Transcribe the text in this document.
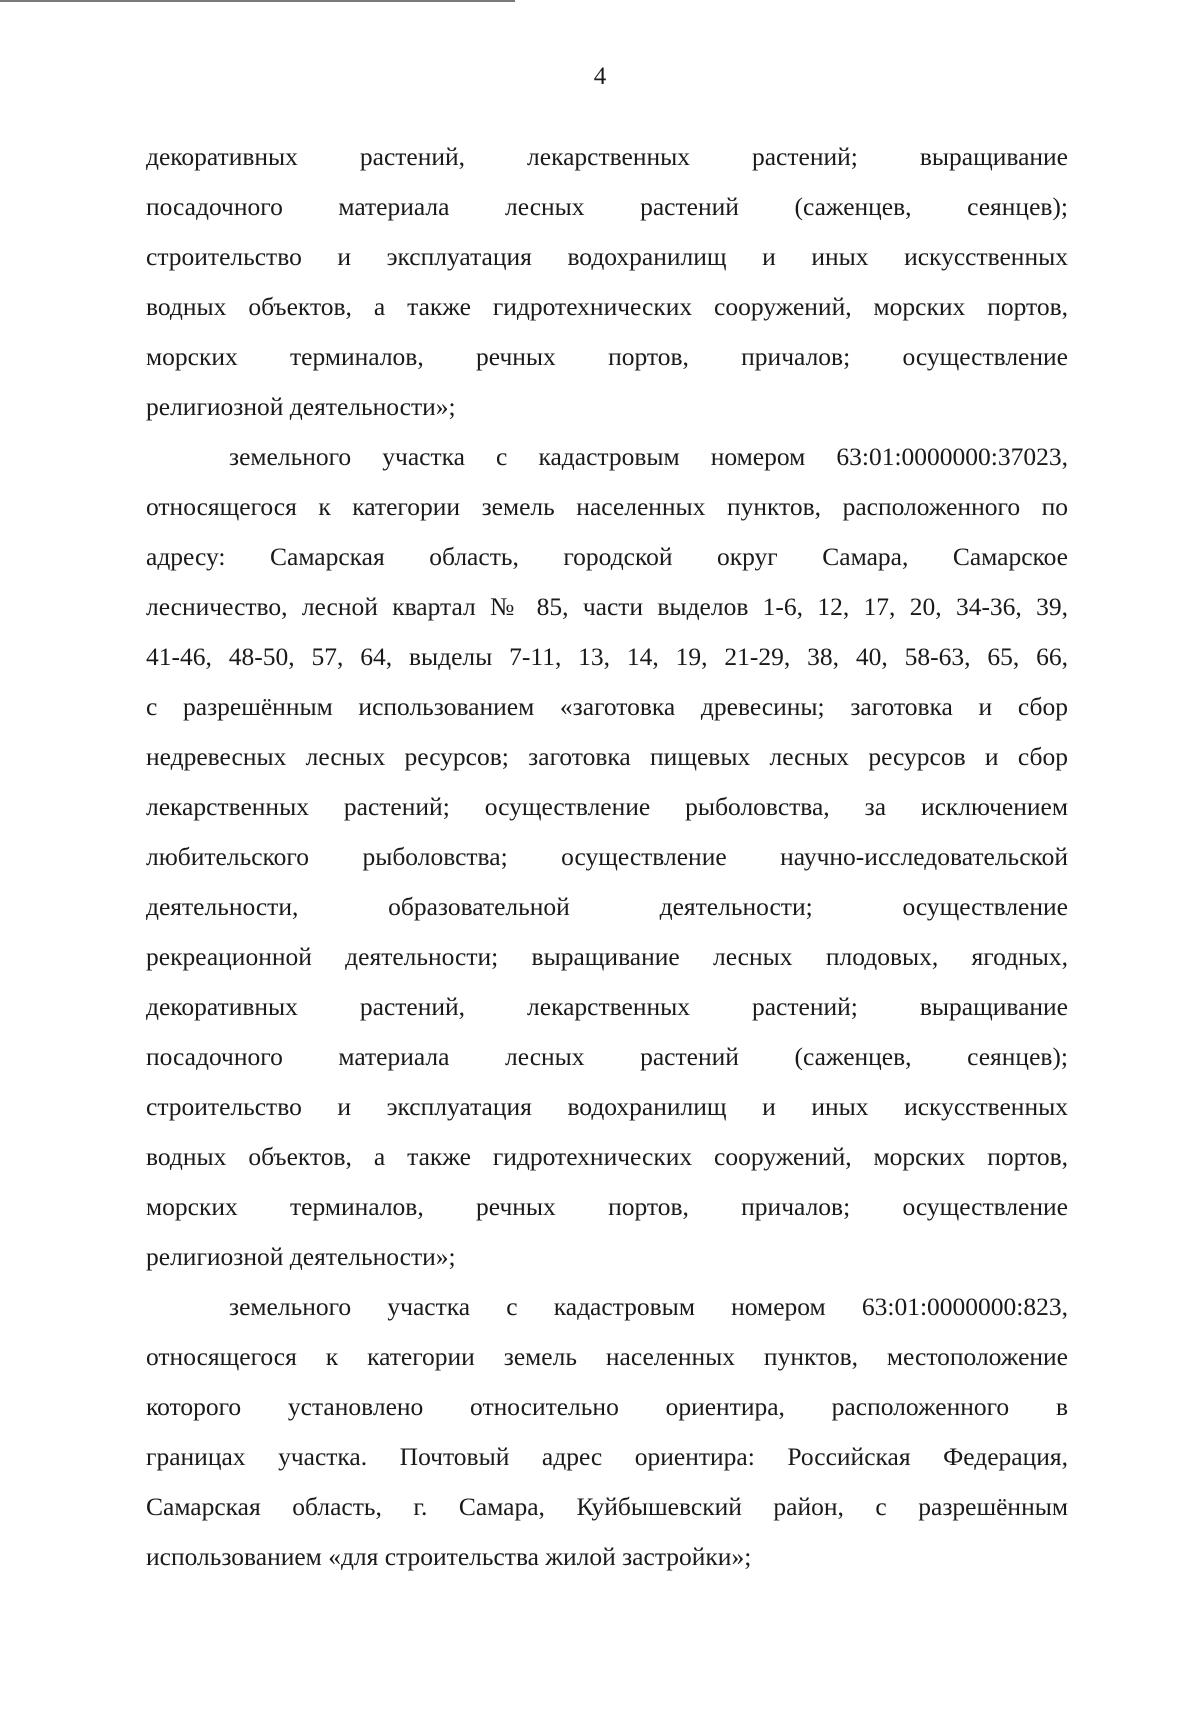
4
декоративных растений, лекарственных растений; выращивание
посадочного материала лесных растений (саженцев, сеянцев);
строительство и эксплуатация водохранилищ и иных искусственных
водных объектов, а также гидротехнических сооружений, морских портов,
морских терминалов, речных портов, причалов; осуществление
религиозной деятельности»;
земельного участка с кадастровым номером 63:01:0000000:37023,
относящегося к категории земель населенных пунктов, расположенного по
адресу: Самарская область, городской округ Самара, Самарское
лесничество, лесной квартал № 85, части выделов 1-6, 12, 17, 20, 34-36, 39,
41-46, 48-50, 57, 64, выделы 7-11, 13, 14, 19, 21-29, 38, 40, 58-63, 65, 66,
с разрешённым использованием «заготовка древесины; заготовка и сбор
недревесных лесных ресурсов; заготовка пищевых лесных ресурсов и сбор
лекарственных растений; осуществление рыболовства, за исключением
любительского рыболовства; осуществление научно-исследовательской
деятельности, образовательной деятельности; осуществление
рекреационной деятельности; выращивание лесных плодовых, ягодных,
декоративных растений, лекарственных растений; выращивание
посадочного материала лесных растений (саженцев, сеянцев);
строительство и эксплуатация водохранилищ и иных искусственных
водных объектов, а также гидротехнических сооружений, морских портов,
морских терминалов, речных портов, причалов; осуществление
религиозной деятельности»;
земельного участка с кадастровым номером 63:01:0000000:823,
относящегося к категории земель населенных пунктов, местоположение
которого установлено относительно ориентира, расположенного в
границах участка. Почтовый адрес ориентира: Российская Федерация,
Самарская область, г. Самара, Куйбышевский район, с разрешённым
использованием «для строительства жилой застройки»;
